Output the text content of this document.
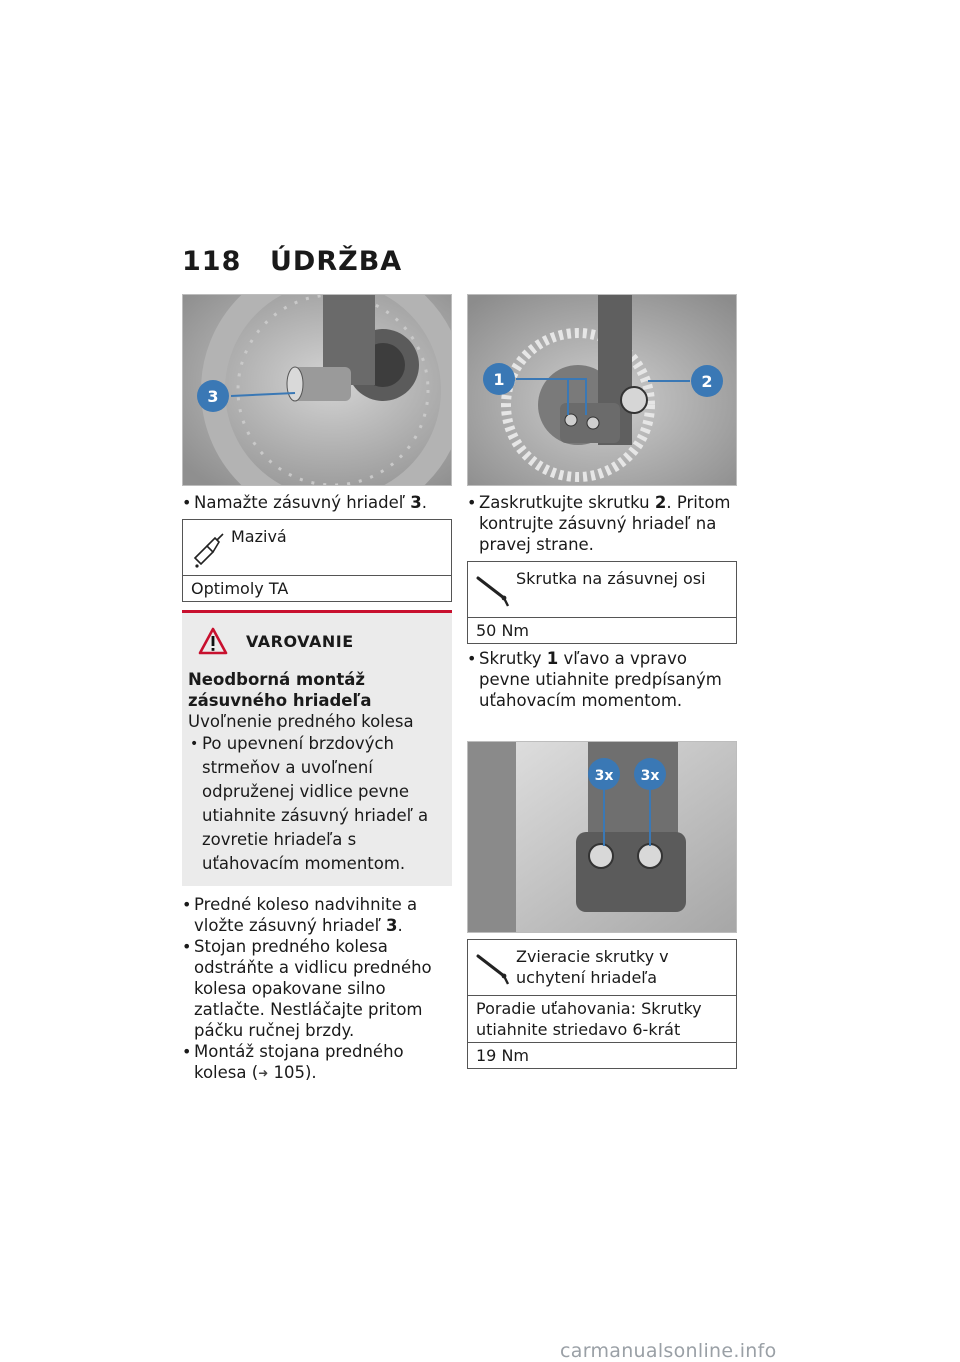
118	ÚDRŽBA
3
• Namažte zásuvný hriadeľ 3.
Mazivá
Optimoly TA
VAROVANIE
Neodborná montáž zásuvného hriadeľa
Uvoľnenie predného kolesa
• Po upevnení brzdových strmeňov a uvoľnení odpruženej vidlice pevne utiahnite zásuvný hriadeľ a zovretie hriadeľa s uťahovacím momentom.
• Predné koleso nadvihnite a vložte zásuvný hriadeľ 3.
• Stojan predného kolesa odstráňte a vidlicu predného kolesa opakovane silno zatlačte. Nestláčajte pritom páčku ručnej brzdy.
• Montáž stojana predného kolesa (➜ 105).
1	2
• Zaskrutkujte skrutku 2. Pritom kontrujte zásuvný hriadeľ na pravej strane.
Skrutka na zásuvnej osi
50 Nm
• Skrutky 1 vľavo a vpravo pevne utiahnite predpísaným uťahovacím momentom.
3x 3x
Zvieracie skrutky v uchytení hriadeľa
Poradie uťahovania: Skrutky utiahnite striedavo 6-krát
19 Nm
carmanualsonline.info
